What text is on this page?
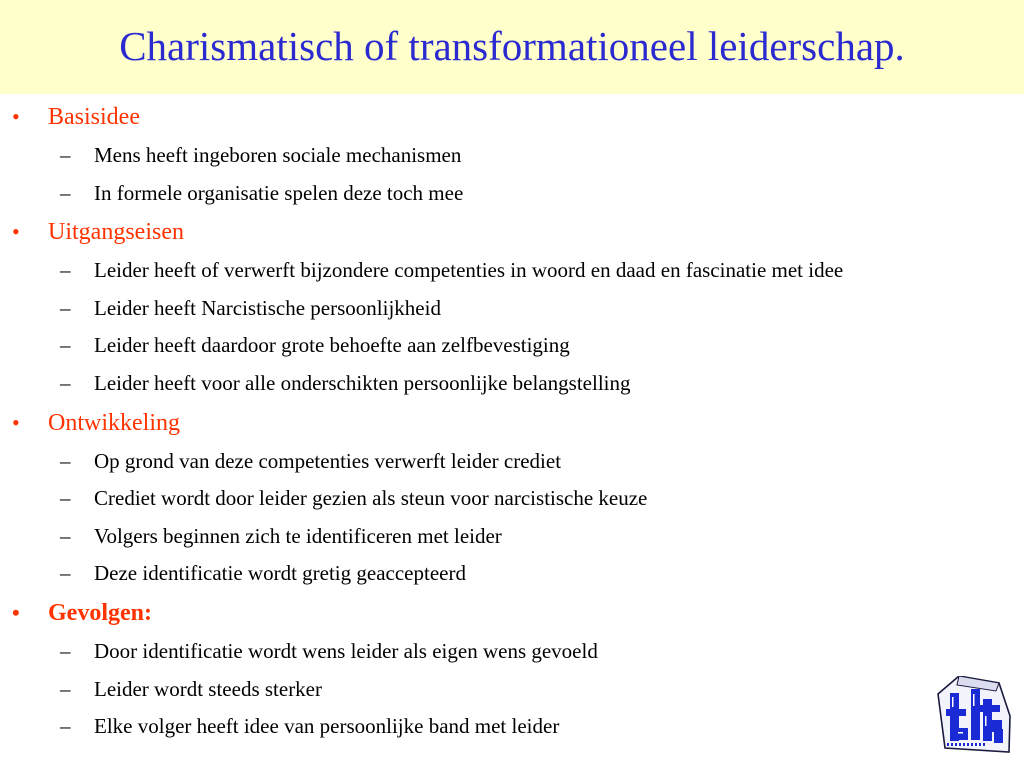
Charismatisch of transformationeel leiderschap.
• Basisidee
– Mens heeft ingeboren sociale mechanismen
– In formele organisatie spelen deze toch mee
• Uitgangseisen
– Leider heeft of verwerft bijzondere competenties in woord en daad en fascinatie met idee
– Leider heeft Narcistische persoonlijkheid
– Leider heeft daardoor grote behoefte aan zelfbevestiging
– Leider heeft voor alle onderschikten persoonlijke belangstelling
• Ontwikkeling
– Op grond van deze competenties verwerft leider crediet
– Crediet wordt door leider gezien als steun voor narcistische keuze
– Volgers beginnen zich te identificeren met leider
– Deze identificatie wordt gretig geaccepteerd
• Gevolgen:
– Door identificatie wordt wens leider als eigen wens gevoeld
– Leider wordt steeds sterker
– Elke volger heeft idee van persoonlijke band met leider
